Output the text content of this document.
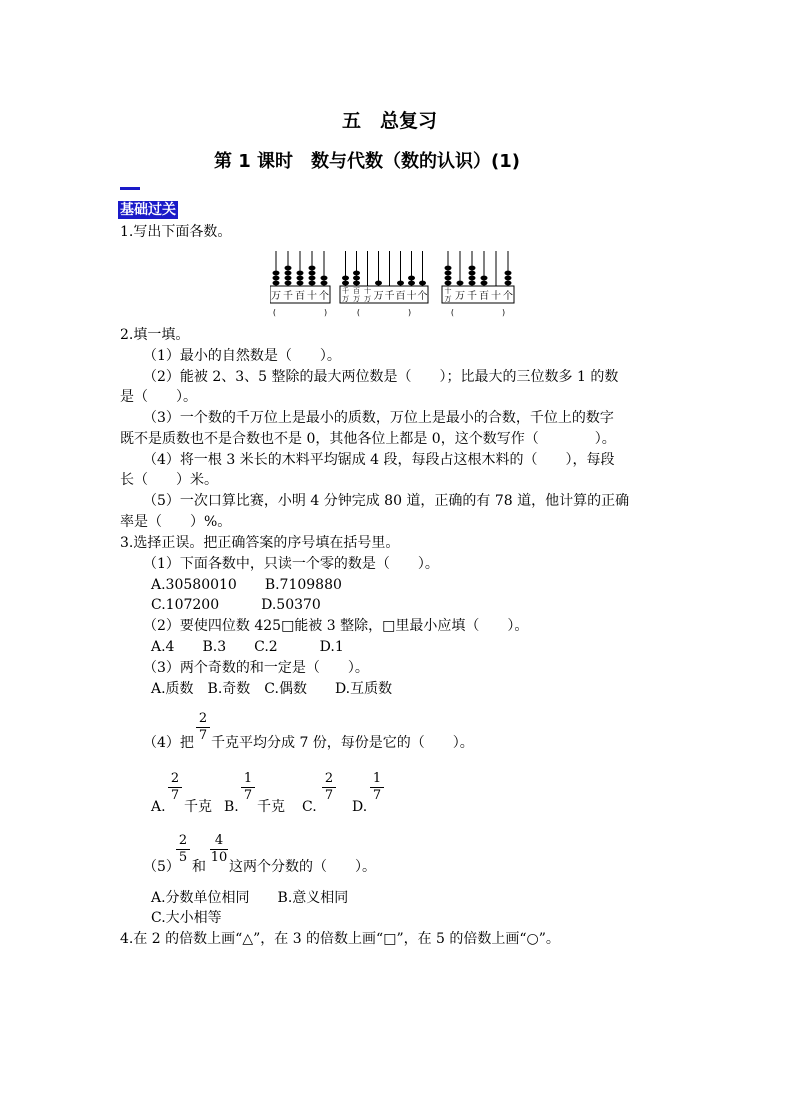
五　总复习
第 1 课时　数与代数（数的认识）(1)
基础过关
1.写出下面各数。
万 千 百 十 个
(　　　　　　)
千万
百万
十万 万 千 百 十 个
(　　　　　　)
十万 万 千 百 十 个
(　　　　　　)
2.填一填。
（1）最小的自然数是（　　）。
（2）能被 2、3、5 整除的最大两位数是（　　）；比最大的三位数多 1 的数
是（　　）。
（3）一个数的千万位上是最小的质数，万位上是最小的合数，千位上的数字
既不是质数也不是合数也不是 0，其他各位上都是 0，这个数写作（　　　　）。
（4）将一根 3 米长的木料平均锯成 4 段，每段占这根木料的（　　），每段
长（　　）米。
（5）一次口算比赛，小明 4 分钟完成 80 道，正确的有 78 道，他计算的正确
率是（　　）%。
3.选择正误。把正确答案的序号填在括号里。
（1）下面各数中，只读一个零的数是（　　）。
A.30580010　　B.7109880
C.107200　　　D.50370
（2）要使四位数 425□能被 3 整除，□里最小应填（　　）。
A.4　　B.3　　C.2　　　D.1
（3）两个奇数的和一定是（　　）。
A.质数　B.奇数　C.偶数　　D.互质数
（4）把
2
7 千克平均分成 7 份，每份是它的（　　）。
A.
2
7
千克 B.
1
7
千克 C.
2
7
D.
1
7
（5）
2
5
和
4
10
这两个分数的（　　）。
A.分数单位相同　　B.意义相同
C.大小相等
4.在 2 的倍数上画“△”，在 3 的倍数上画“□”，在 5 的倍数上画“○”。
